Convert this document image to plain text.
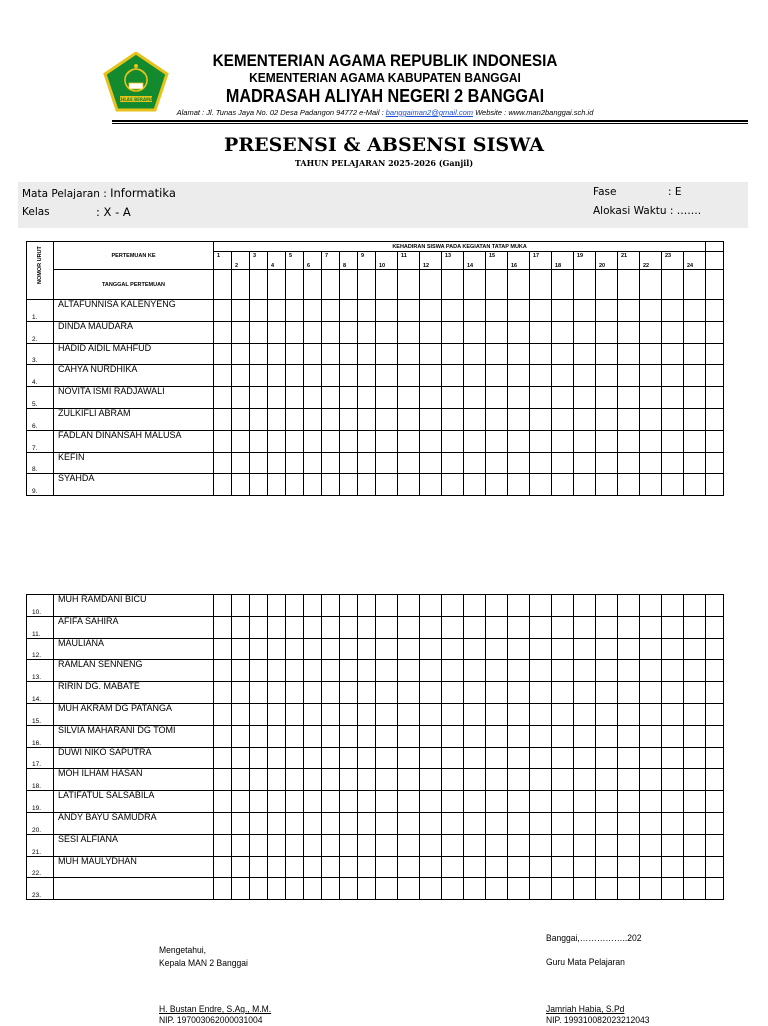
IKHLAS BERAMAL
KEMENTERIAN AGAMA REPUBLIK INDONESIA
KEMENTERIAN AGAMA KABUPATEN BANGGAI
MADRASAH ALIYAH NEGERI 2 BANGGAI
Alamat : Jl. Tunas Jaya No. 02 Desa Padangon 94772 e-Mail : banggaiman2@gmail.com Website : www.man2banggai.sch.id
PRESENSI & ABSENSI SISWA
TAHUN PELAJARAN 2025-2026 (Ganjil)
Mata Pelajaran : Informatika
Kelas	: X - A
Fase	: E
Alokasi Waktu : …….
NOMOR URUT	PERTEMUAN KE	KEHADIRAN SISWA PADA KEGIATAN TATAP MUKA																								
		1	2	3	4	5	6	7	8	9	10	11	12	13	14	15	16	17	18	19	20	21	22	23	24	
	TANGGAL PERTEMUAN																									
1.	ALTAFUNNISA KALENYENG																									
2.	DINDA MAUDARA																									
3.	HADID AIDIL MAHFUD																									
4.	CAHYA NURDHIKA																									
5.	NOVITA ISMI RADJAWALI																									
6.	ZULKIFLI ABRAM																									
7.	FADLAN DINANSAH MALUSA																									
8.	KEFIN																									
9.	SYAHDA																									
10.	MUH RAMDANI BICU																									
11.	AFIFA SAHIRA																									
12.	MAULIANA																									
13.	RAMLAN SENNENG																									
14.	RIRIN DG. MABATE																									
15.	MUH AKRAM DG PATANGA																									
16.	SILVIA MAHARANI DG TOMI																									
17.	DUWI NIKO SAPUTRA																									
18.	MOH ILHAM HASAN																									
19.	LATIFATUL SALSABILA																									
20.	ANDY BAYU SAMUDRA																									
21.	SESI ALFIANA																									
22.	MUH MAULYDHAN																									
23.																										
Banggai,……………..202
Mengetahui,
Kepala MAN 2 Banggai	Guru Mata Pelajaran
H. Bustan Endre, S.Ag., M.M.
NIP. 197003062000031004
Jamriah Habia, S.Pd
NIP. 199310082023212043
